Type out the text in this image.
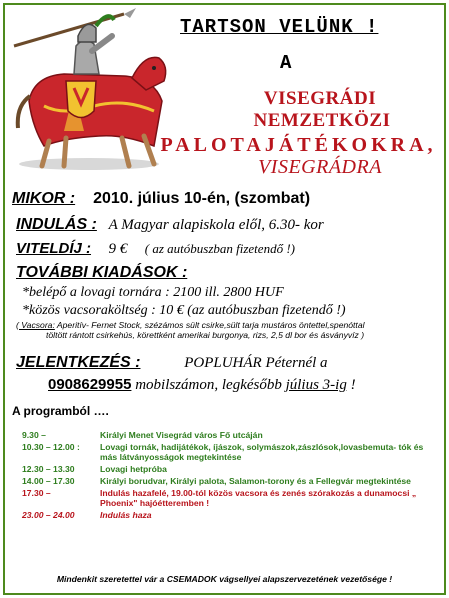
TARTSON VELÜNK !
A
VISEGRÁDI
NEMZETKÖZI
PALOTAJÁTÉKOKRA,
VISEGRÁDRA
MIKOR : 2010. július 10-én, (szombat)
INDULÁS : A Magyar alapiskola elől, 6.30- kor
VITELDÍJ : 9 € ( az autóbuszban fizetendő !)
TOVÁBBI KIADÁSOK :
*belépő a lovagi tornára : 2100 ill. 2800 HUF
*közös vacsoraköltség : 10 € (az autóbuszban fizetendő !)
( Vacsora: Aperitív- Fernet Stock, szézámos sült csirke,sült tarja mustáros öntettel,spenóttal
töltött rántott csirkehús, körettként amerikai burgonya, rizs, 2,5 dl bor és ásványvíz )
JELENTKEZÉS :	POPLUHÁR Péternél a
0908629955 mobilszámon, legkésőbb július 3-ig !
A programból ….
9.30 –	Királyi Menet Visegrád város Fő utcáján
10.30 – 12.00 :	Lovagi tornák, hadijátékok, íjászok, solymászok,zászlósok,lovasbemuta- tók és más látványosságok megtekintése
12.30 – 13.30	Lovagi hetpróba
14.00 – 17.30	Királyi borudvar, Királyi palota, Salamon-torony és a Fellegvár megtekintése
17.30 –	Indulás hazafelé, 19.00-tól közös vacsora és zenés szórakozás a dunamocsi „ Phoenix" hajóétteremben !
23.00 – 24.00	Indulás haza
Mindenkit szeretettel vár a CSEMADOK vágsellyei alapszervezetének vezetősége !
